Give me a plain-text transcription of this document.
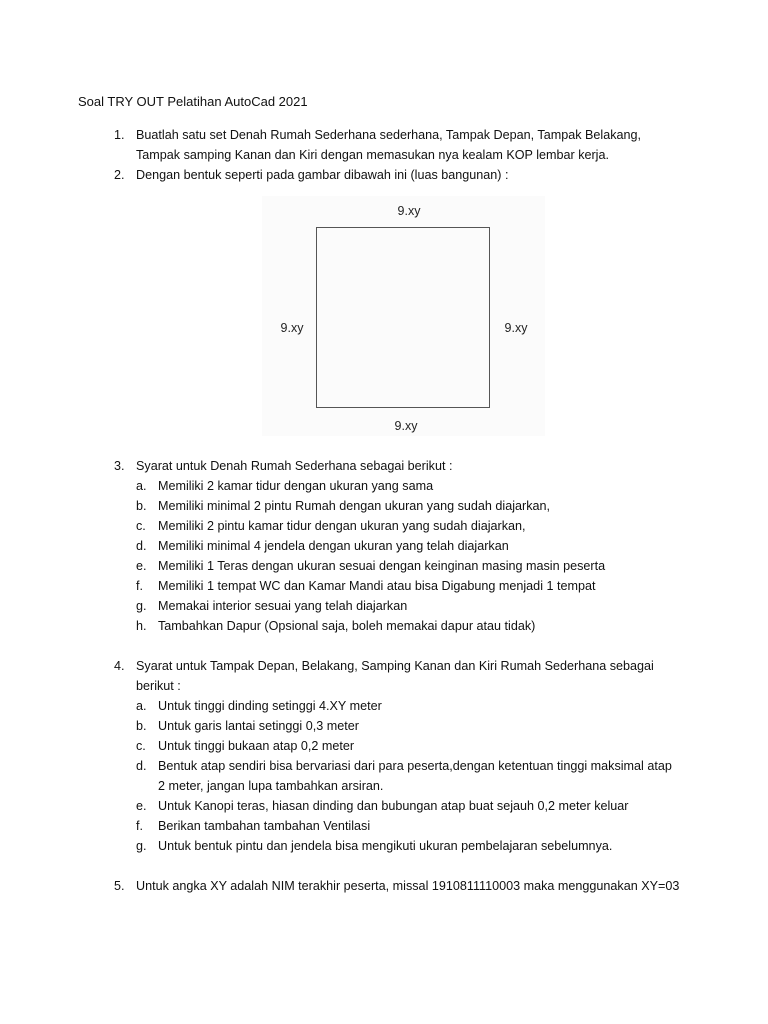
Soal TRY OUT Pelatihan AutoCad 2021
1. Buatlah satu set Denah Rumah Sederhana sederhana, Tampak Depan, Tampak Belakang,
Tampak samping Kanan dan Kiri dengan memasukan nya kealam KOP lembar kerja.
2. Dengan bentuk seperti pada gambar dibawah ini (luas bangunan) :
9.xy
9.xy	9.xy
9.xy
3. Syarat untuk Denah Rumah Sederhana sebagai berikut :
a. Memiliki 2 kamar tidur dengan ukuran yang sama
b. Memiliki minimal 2 pintu Rumah dengan ukuran yang sudah diajarkan,
c. Memiliki 2 pintu kamar tidur dengan ukuran yang sudah diajarkan,
d. Memiliki minimal 4 jendela dengan ukuran yang telah diajarkan
e. Memiliki 1 Teras dengan ukuran sesuai dengan keinginan masing masin peserta
f. Memiliki 1 tempat WC dan Kamar Mandi atau bisa Digabung menjadi 1 tempat
g. Memakai interior sesuai yang telah diajarkan
h. Tambahkan Dapur (Opsional saja, boleh memakai dapur atau tidak)
4. Syarat untuk Tampak Depan, Belakang, Samping Kanan dan Kiri Rumah Sederhana sebagai
berikut :
a. Untuk tinggi dinding setinggi 4.XY meter
b. Untuk garis lantai setinggi 0,3 meter
c. Untuk tinggi bukaan atap 0,2 meter
d. Bentuk atap sendiri bisa bervariasi dari para peserta,dengan ketentuan tinggi maksimal atap
2 meter, jangan lupa tambahkan arsiran.
e. Untuk Kanopi teras, hiasan dinding dan bubungan atap buat sejauh 0,2 meter keluar
f. Berikan tambahan tambahan Ventilasi
g. Untuk bentuk pintu dan jendela bisa mengikuti ukuran pembelajaran sebelumnya.
5. Untuk angka XY adalah NIM terakhir peserta, missal 1910811110003 maka menggunakan XY=03
